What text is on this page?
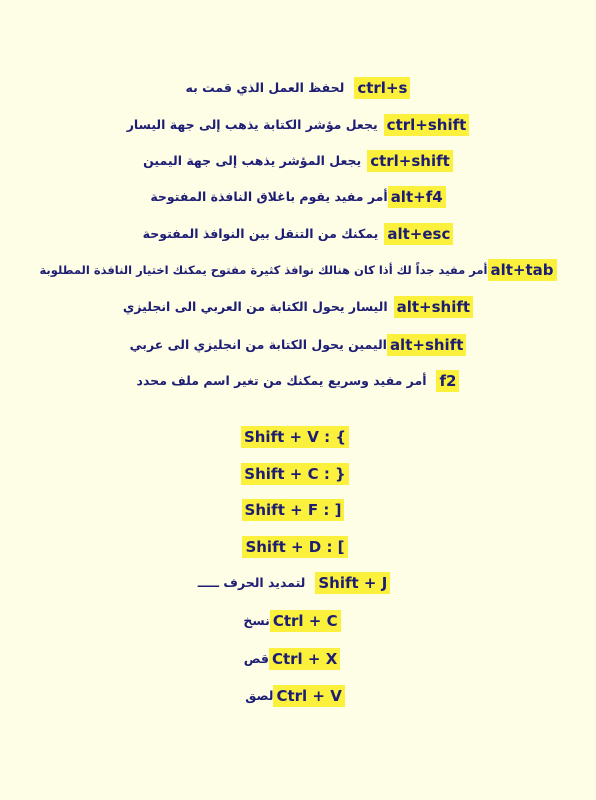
ctrl+s
لحفظ العمل الذي قمت به
ctrl+shift
يجعل مؤشر الكتابة يذهب إلى جهة اليسار
ctrl+shift
يجعل المؤشر يذهب إلى جهة اليمين
alt+f4
أمر مفيد يقوم باغلاق النافذة المفتوحة
alt+esc
يمكنك من التنقل بين النوافذ المفتوحة
alt+tab
أمر مفيد جداً لك أذا كان هنالك نوافذ كثيرة مفتوح يمكنك اختيار النافذة المطلوبة
alt+shift
اليسار يحول الكتابة من العربي الى انجليزي
alt+shift
اليمين يحول الكتابة من انجليزي الى عربي
f2
أمر مفيد وسريع يمكنك من تغير اسم ملف محدد
Shift + V : {
Shift + C : }
Shift + F : ]
Shift + D : [
Shift + J
لتمديد الحرف ـــــ
Ctrl + C
نسخ
Ctrl + X
قص
Ctrl + V
لصق
